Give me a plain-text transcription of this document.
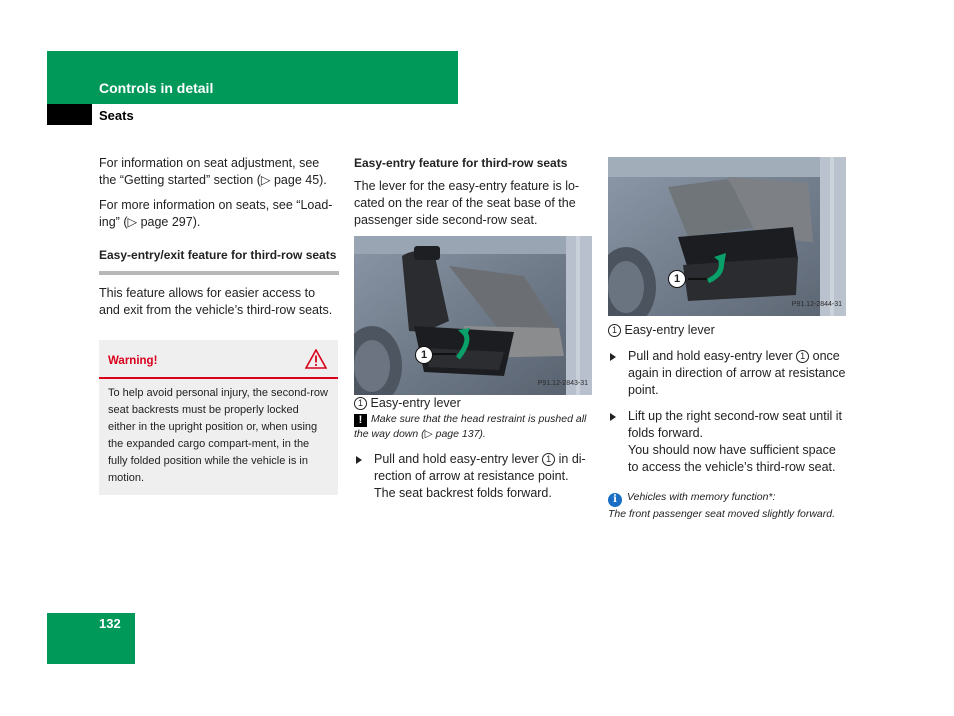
Controls in detail
Seats

For information on seat adjustment, see the “Getting started” section (▷ page 45).

For more information on seats, see “Load-ing” (▷ page 297).

Easy-entry/exit feature for third-row seats

This feature allows for easier access to and exit from the vehicle’s third-row seats.

Warning!
To help avoid personal injury, the second-row seat backrests must be properly locked either in the upright position or, when using the expanded cargo compart-ment, in the fully folded position while the vehicle is in motion.

Easy-entry feature for third-row seats

The lever for the easy-entry feature is lo-cated on the rear of the seat base of the passenger side second-row seat.

1
P91.12-2843-31

1 Easy-entry lever

! Make sure that the head restraint is pushed all the way down (▷ page 137).

Pull and hold easy-entry lever 1 in di-rection of arrow at resistance point.

The seat backrest folds forward.

1
P91.12-2844-31

1 Easy-entry lever

Pull and hold easy-entry lever 1 once again in direction of arrow at resistance point.
Lift up the right second-row seat until it folds forward.

You should now have sufficient space to access the vehicle’s third-row seat.

i Vehicles with memory function*:
The front passenger seat moved slightly forward.

132
